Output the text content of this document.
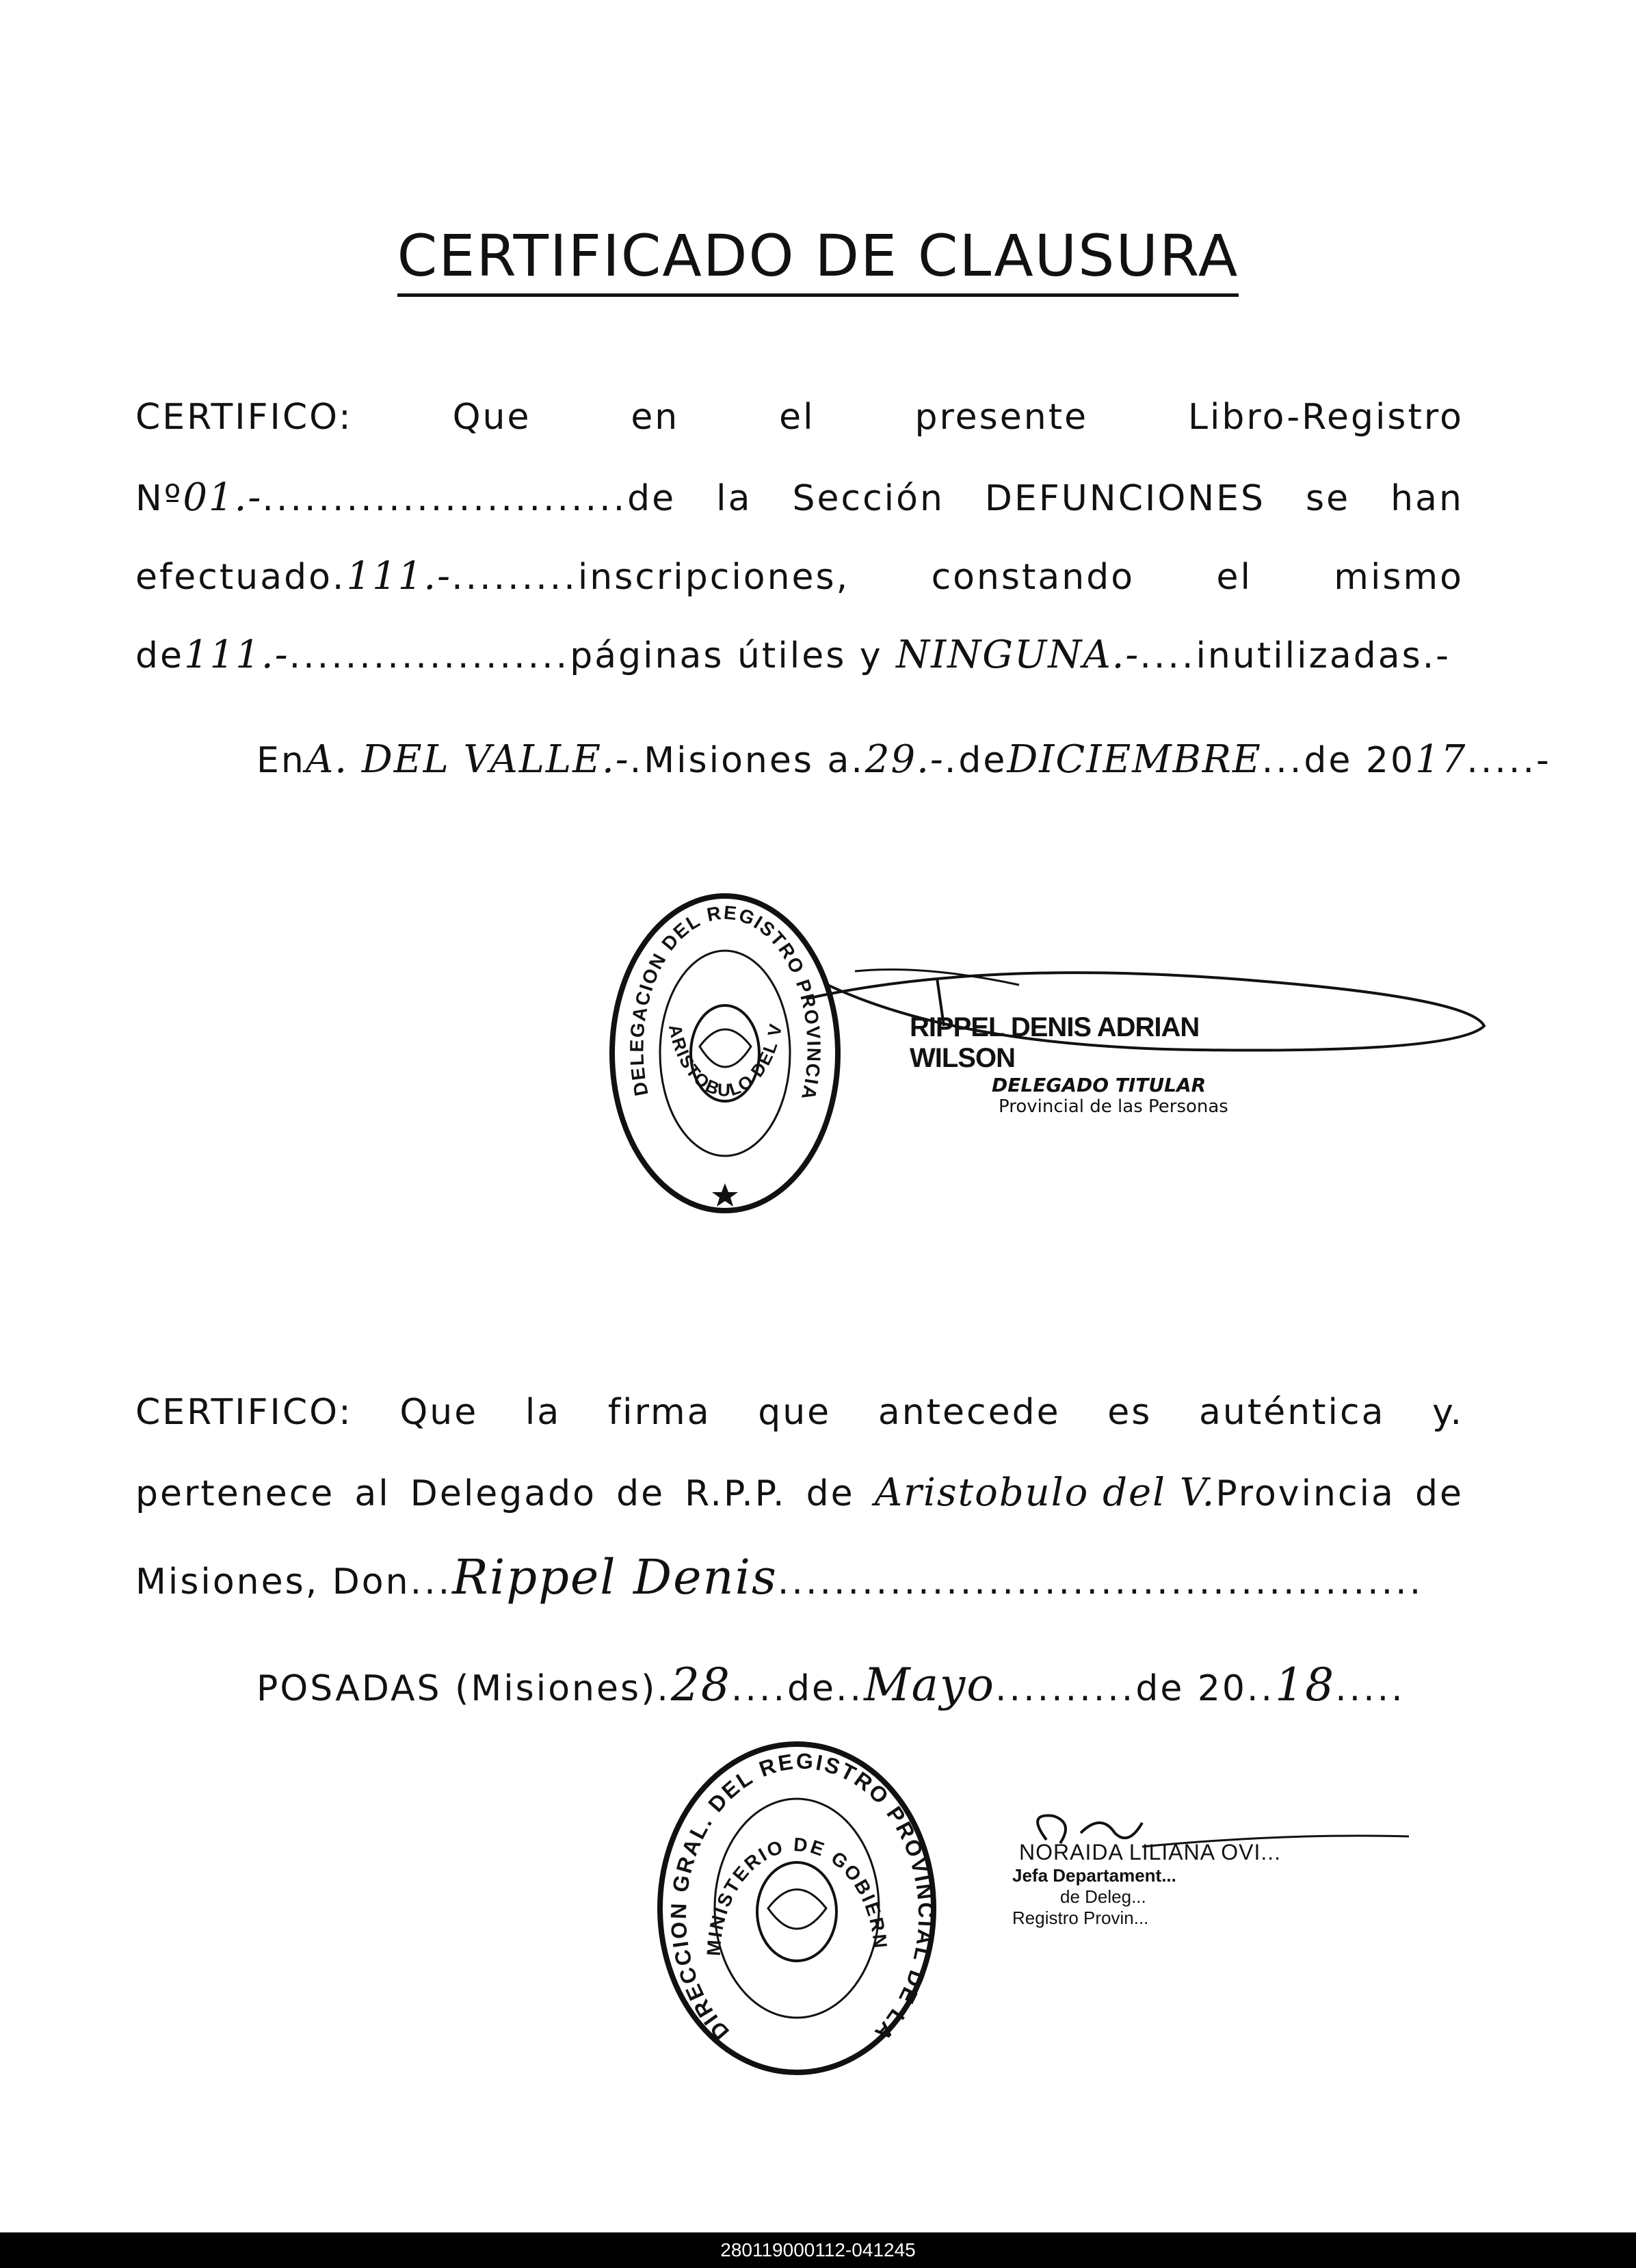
CERTIFICADO DE CLAUSURA
CERTIFICO:	Que	en	el	presente	Libro-Registro
Nº01.-..........................de la Sección DEFUNCIONES se han
efectuado.111.-.........inscripciones, constando el mismo
de111.-....................páginas útiles y NINGUNA.-....inutilizadas.-
En A. DEL VALLE.- . Misiones a . 29.- . de DICIEMBRE ... de 20 17 .... .-
DELEGACION DEL REGISTRO PROVINCIA
ARISTOBULO DEL V	RIPPEL DENIS ADRIAN WILSON
DELEGADO TITULAR
Provincial de las Personas
CERTIFICO: Que la firma que antecede es auténtica y.
pertenece al Delegado de R.P.P. de Aristobulo del V.Provincia de
Misiones, Don ... Rippel Denis ..............................................
POSADAS (Misiones) . 28 .... de .. Mayo .......... de 20 .. 18 .....
DIRECCION GRAL. DEL REGISTRO PROVINCIAL DE LA
MINISTERIO DE GOBIERN
NORAIDA LILIANA OVI...
Jefa Departament...
de Deleg...
Registro Provin...
280119000112-041245
